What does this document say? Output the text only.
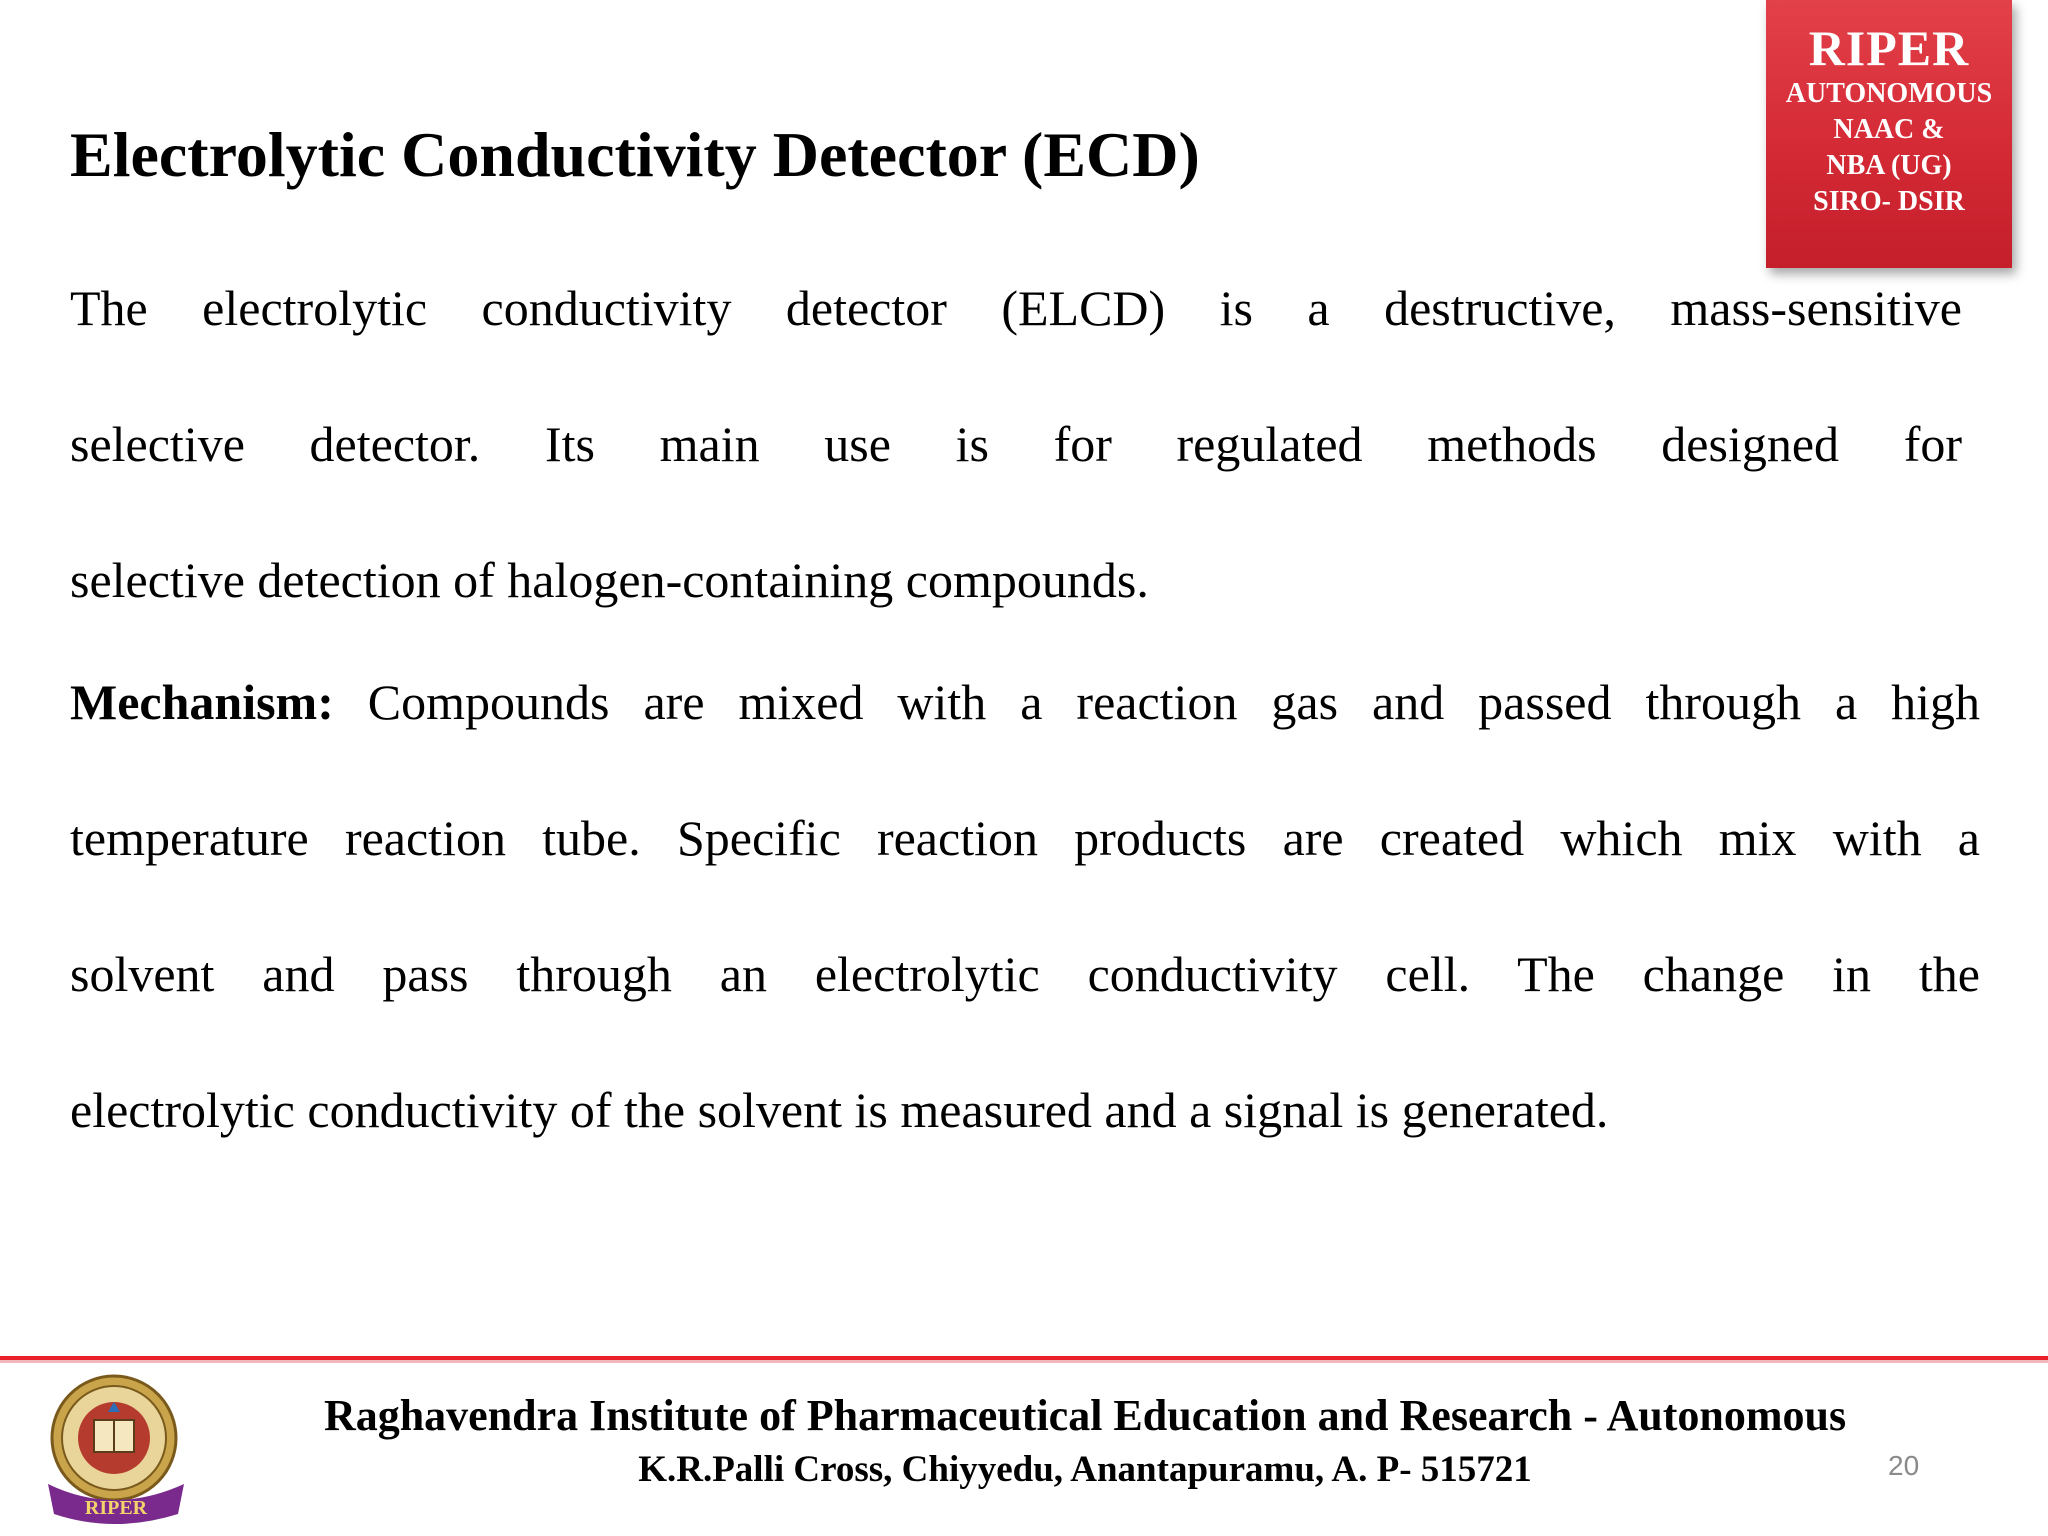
RIPER
AUTONOMOUS
NAAC &
NBA (UG)
SIRO- DSIR
Electrolytic Conductivity Detector (ECD)
The electrolytic conductivity detector (ELCD) is a destructive, mass-sensitive
selective detector. Its main use is for regulated methods designed for
selective detection of halogen-containing compounds.
Mechanism: Compounds are mixed with a reaction gas and passed through a high
temperature reaction tube. Specific reaction products are created which mix with a
solvent and pass through an electrolytic conductivity cell. The change in the
electrolytic conductivity of the solvent is measured and a signal is generated.
RIPER
Raghavendra Institute of Pharmaceutical Education and Research - Autonomous
K.R.Palli Cross, Chiyyedu, Anantapuramu, A. P- 515721	20
